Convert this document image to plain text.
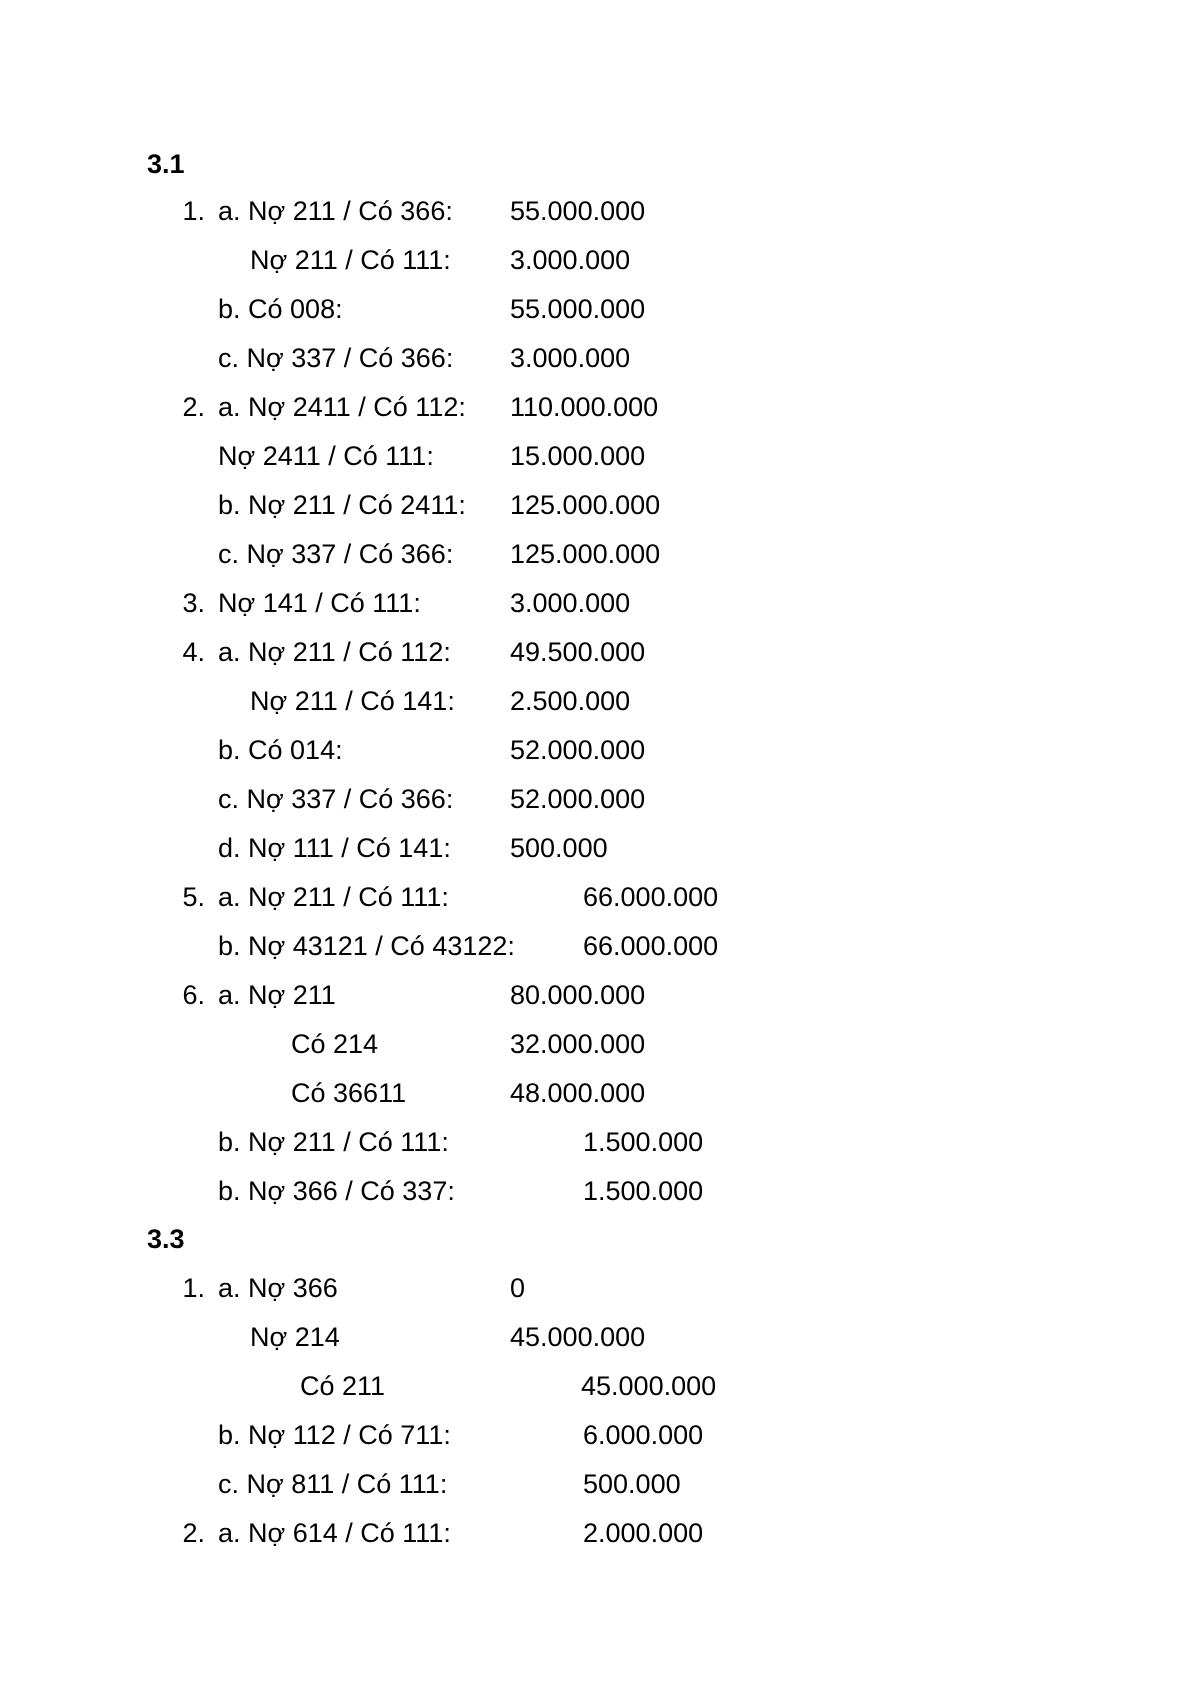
3.1
1. a. Nợ 211 / Có 366: 55.000.000
Nợ 211 / Có 111: 3.000.000
b. Có 008:	55.000.000
c. Nợ 337 / Có 366: 3.000.000
2. a. Nợ 2411 / Có 112: 110.000.000
Nợ 2411 / Có 111:	15.000.000
b. Nợ 211 / Có 2411: 125.000.000
c. Nợ 337 / Có 366: 125.000.000
3. Nợ 141 / Có 111:	3.000.000
4. a. Nợ 211 / Có 112: 49.500.000
Nợ 211 / Có 141: 2.500.000
b. Có 014:	52.000.000
c. Nợ 337 / Có 366: 52.000.000
d. Nợ 111 / Có 141: 500.000
5. a. Nợ 211 / Có 111:	66.000.000
b. Nợ 43121 / Có 43122:	66.000.000
6. a. Nợ 211	80.000.000
Có 214	32.000.000
Có 36611	48.000.000
b. Nợ 211 / Có 111:	1.500.000
b. Nợ 366 / Có 337:	1.500.000
3.3
1. a. Nợ 366	0
Nợ 214	45.000.000
Có 211	45.000.000
b. Nợ 112 / Có 711:	6.000.000
c. Nợ 811 / Có 111:	500.000
2. a. Nợ 614 / Có 111:	2.000.000
